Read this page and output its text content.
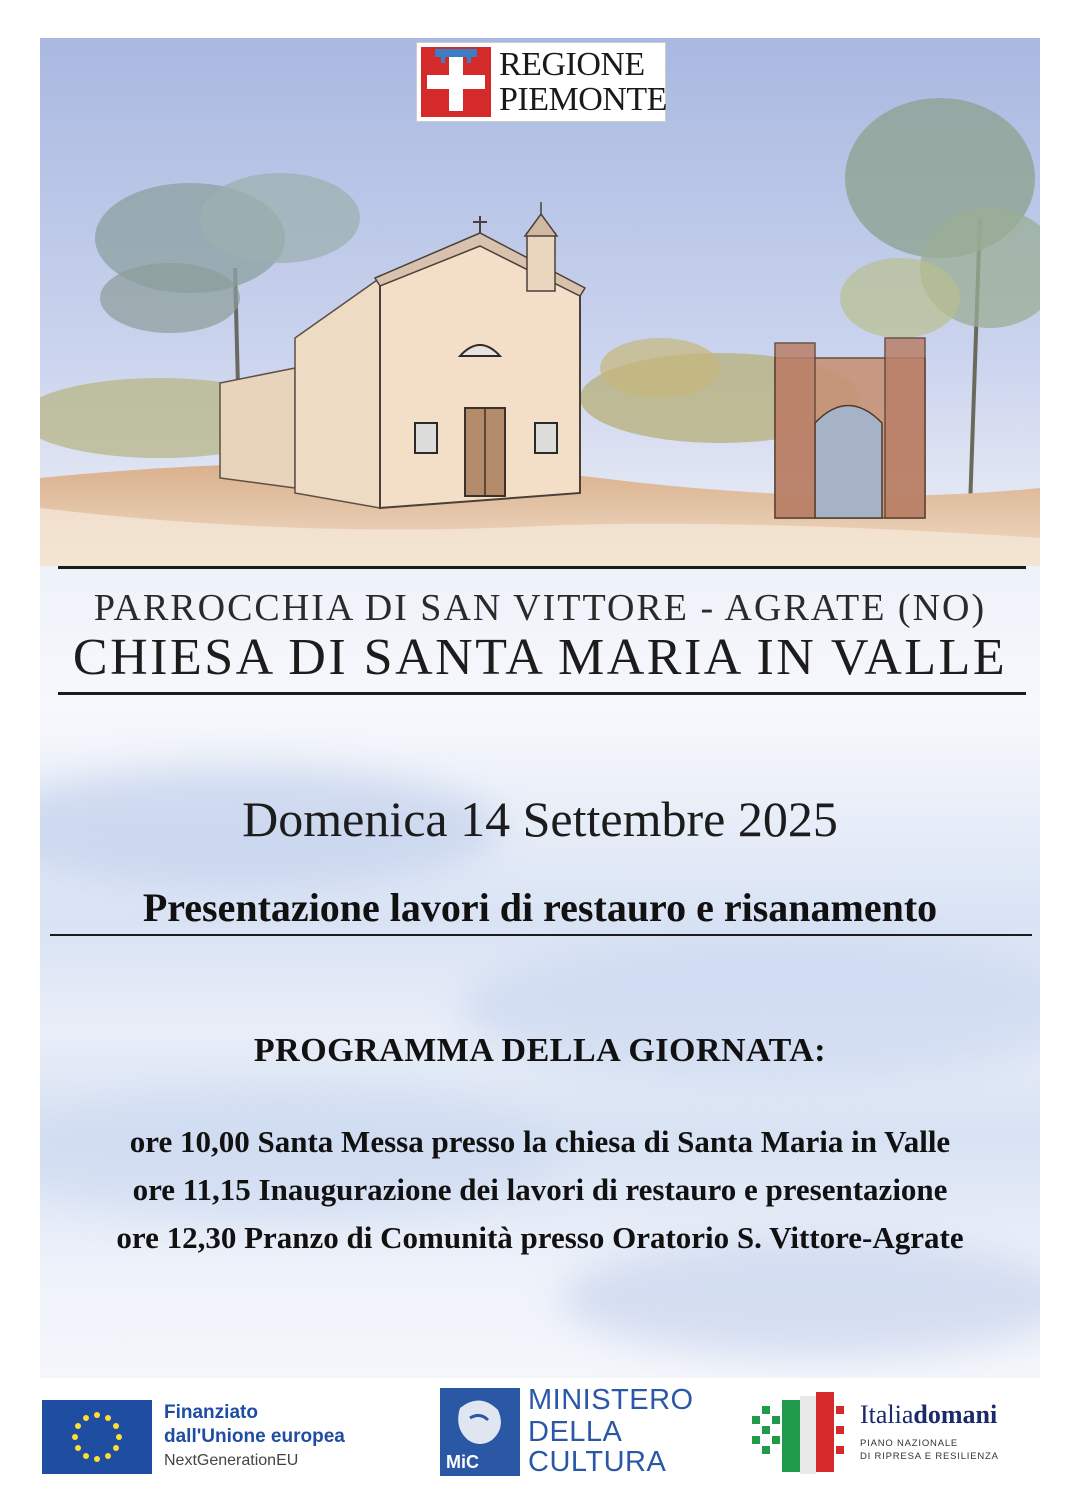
REGIONE
PIEMONTE
PARROCCHIA DI SAN VITTORE - AGRATE (NO)
CHIESA DI SANTA MARIA IN VALLE
Domenica 14 Settembre 2025
Presentazione lavori di restauro e risanamento
PROGRAMMA DELLA GIORNATA:
ore 10,00 Santa Messa presso la chiesa di Santa Maria in Valle
ore 11,15 Inaugurazione dei lavori di restauro e presentazione
ore 12,30 Pranzo di Comunità presso Oratorio S. Vittore-Agrate
Finanziato
dall'Unione europea
NextGenerationEU	MiC
MINISTERO
DELLA
CULTURA
Italiadomani
PIANO NAZIONALE
DI RIPRESA E RESILIENZA
